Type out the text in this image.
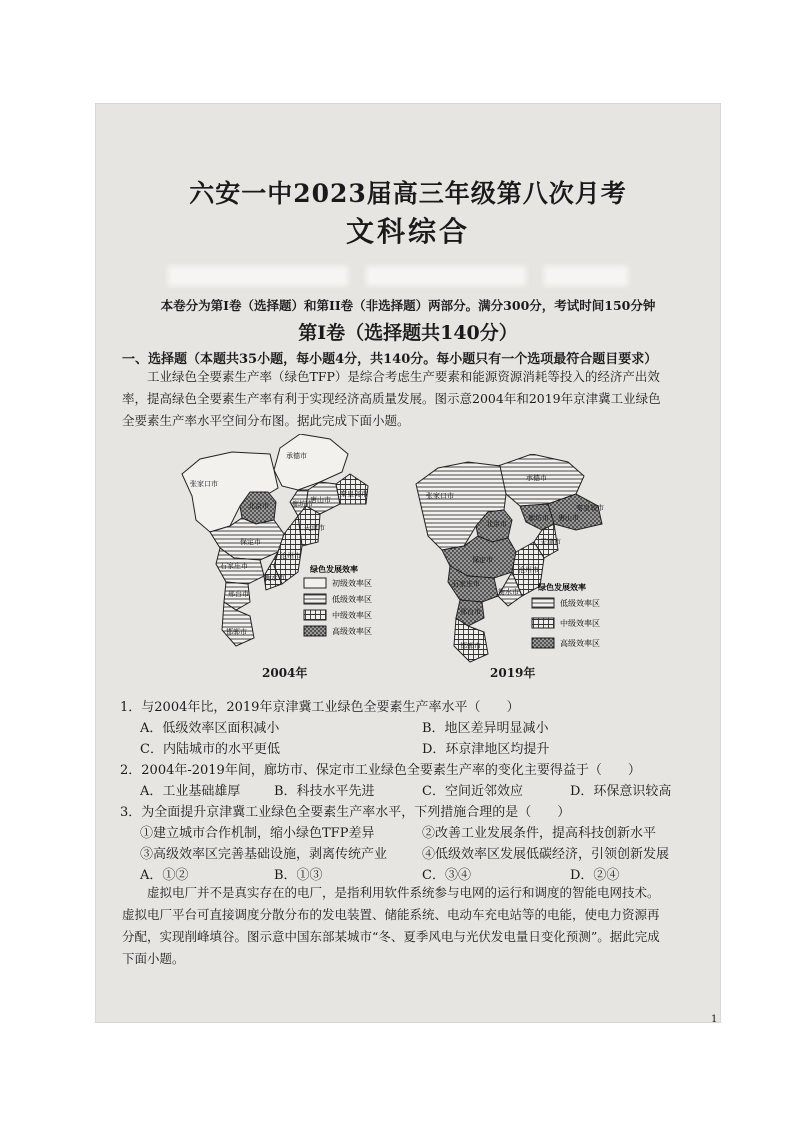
六安一中2023届高三年级第八次月考
文科综合
本卷分为第I卷（选择题）和第II卷（非选择题）两部分。满分300分，考试时间150分钟
第I卷（选择题共140分）
一、选择题（本题共35小题，每小题4分，共140分。每小题只有一个选项最符合题目要求）

工业绿色全要素生产率（绿色TFP）是综合考虑生产要素和能源资源消耗等投入的经济产出效

率，提高绿色全要素生产率有利于实现经济高质量发展。图示意2004年和2019年京津冀工业绿色

全要素生产率水平空间分布图。据此完成下面小题。

承德市
张家口市
北京市
唐山市
秦皇岛市
廊坊市
天津市
保定市
沧州市
石家庄市
衡水市
邢台市
邯郸市
绿色发展效率
初级效率区
低级效率区
中级效率区
高级效率区
2004年
承德市
张家口市
北京市
唐山市
秦皇岛市
廊坊市
天津市
保定市
沧州市
石家庄市
衡水市
邢台市
邯郸市
绿色发展效率
低级效率区
中级效率区
高级效率区
2019年
1．与2004年比，2019年京津冀工业绿色全要素生产率水平（　　）
A．低级效率区面积减小	B．地区差异明显减小
C．内陆城市的水平更低	D．环京津地区均提升
2．2004年-2019年间，廊坊市、保定市工业绿色全要素生产率的变化主要得益于（　　）
A．工业基础雄厚	B．科技水平先进	C．空间近邻效应	D．环保意识较高
3．为全面提升京津冀工业绿色全要素生产率水平，下列措施合理的是（　　）
①建立城市合作机制，缩小绿色TFP差异	②改善工业发展条件，提高科技创新水平
③高级效率区完善基础设施，剥离传统产业	④低级效率区发展低碳经济，引领创新发展
A．①②	B．①③	C．③④	D．②④

虚拟电厂并不是真实存在的电厂，是指利用软件系统参与电网的运行和调度的智能电网技术。

虚拟电厂平台可直接调度分散分布的发电装置、储能系统、电动车充电站等的电能，使电力资源再

分配，实现削峰填谷。图示意中国东部某城市“冬、夏季风电与光伏发电量日变化预测”。据此完成

下面小题。

1
